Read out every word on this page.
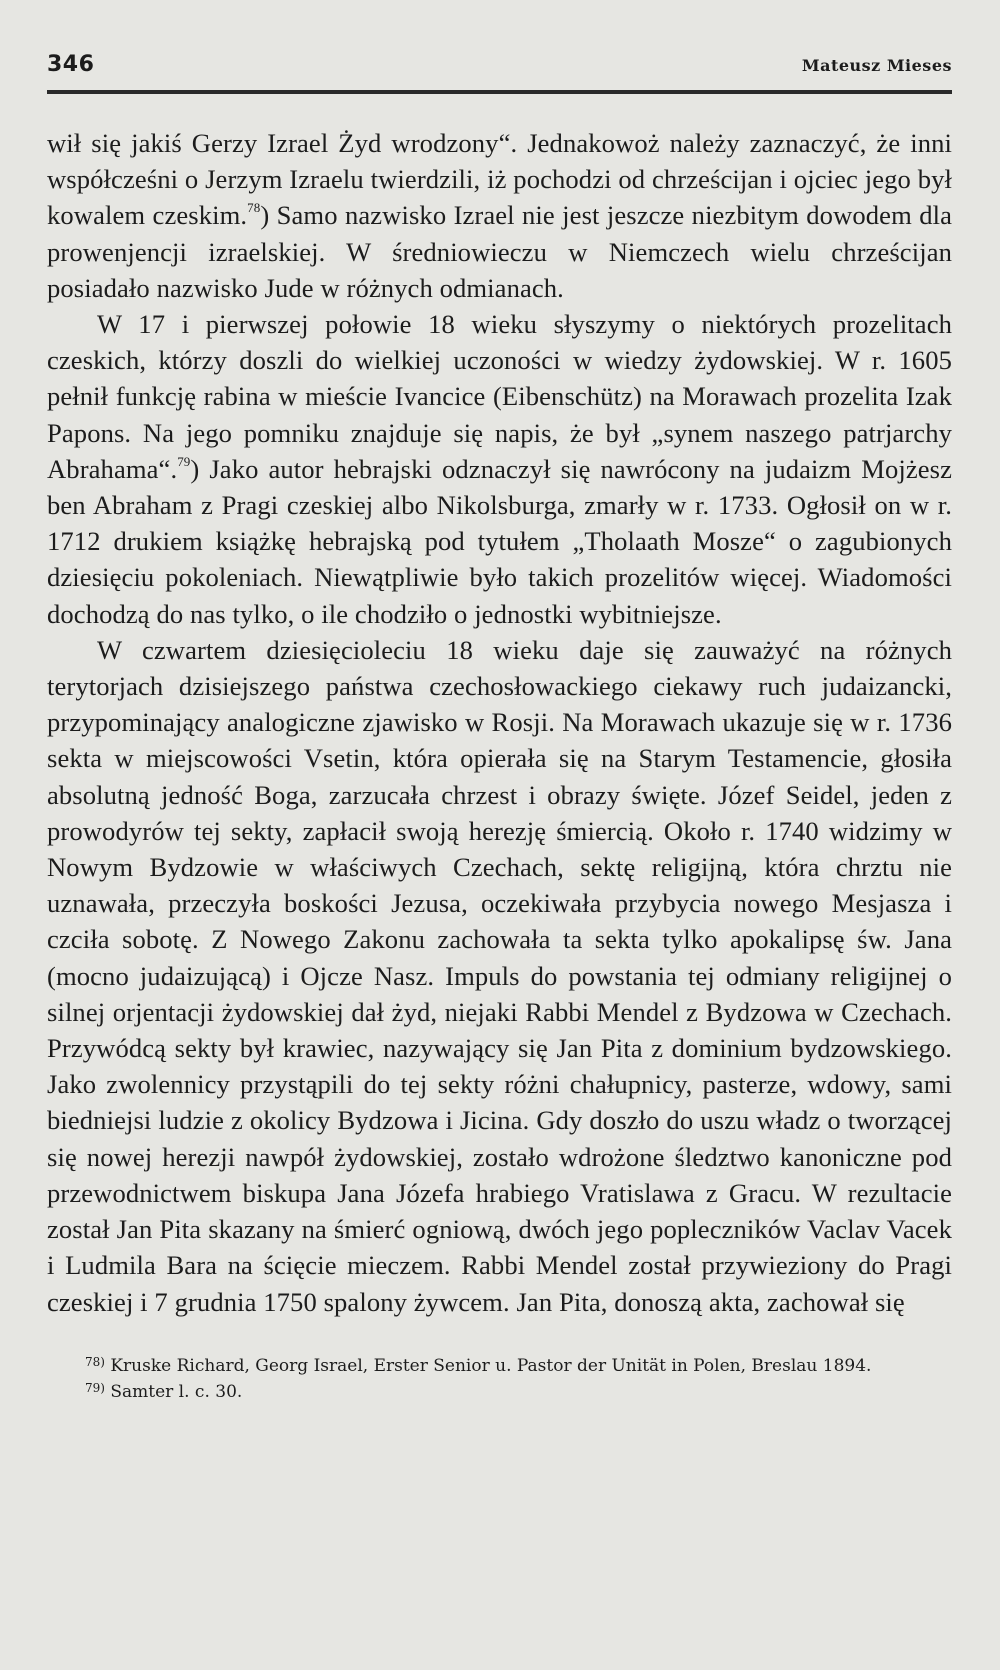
346	Mateusz Mieses

wił się jakiś Gerzy Izrael Żyd wrodzony“. Jednakowoż należy zaznaczyć, że inni współcześni o Jerzym Izraelu twierdzili, iż pochodzi od chrześcijan i ojciec jego był kowalem czeskim.$^{78}$) Samo nazwisko Izrael nie jest jeszcze niezbitym dowodem dla prowenjencji izraelskiej. W średniowieczu w Niemczech wielu chrześcijan posiadało nazwisko Jude w różnych odmianach.

W 17 i pierwszej połowie 18 wieku słyszymy o niektórych prozelitach czeskich, którzy doszli do wielkiej uczoności w wiedzy żydowskiej. W r. 1605 pełnił funkcję rabina w mieście Ivancice (Eibenschütz) na Morawach prozelita Izak Papons. Na jego pomniku znajduje się napis, że był „synem naszego patrjarchy Abrahama“.$^{79}$) Jako autor hebrajski odznaczył się nawrócony na judaizm Mojżesz ben Abraham z Pragi czeskiej albo Nikolsburga, zmarły w r. 1733. Ogłosił on w r. 1712 drukiem książkę hebrajską pod tytułem „Tholaath Mosze“ o zagubionych dziesięciu pokoleniach. Niewątpliwie było takich prozelitów więcej. Wiadomości dochodzą do nas tylko, o ile chodziło o jednostki wybitniejsze.

W czwartem dziesięcioleciu 18 wieku daje się zauważyć na różnych terytorjach dzisiejszego państwa czechosłowackiego ciekawy ruch judaizancki, przypominający analogiczne zjawisko w Rosji. Na Morawach ukazuje się w r. 1736 sekta w miejscowości Vsetin, która opierała się na Starym Testamencie, głosiła absolutną jedność Boga, zarzucała chrzest i obrazy święte. Józef Seidel, jeden z prowodyrów tej sekty, zapłacił swoją herezję śmiercią. Około r. 1740 widzimy w Nowym Bydzowie w właściwych Czechach, sektę religijną, która chrztu nie uznawała, przeczyła boskości Jezusa, oczekiwała przybycia nowego Mesjasza i czciła sobotę. Z Nowego Zakonu zachowała ta sekta tylko apokalipsę św. Jana (mocno judaizującą) i Ojcze Nasz. Impuls do powstania tej odmiany religijnej o silnej orjentacji żydowskiej dał żyd, niejaki Rabbi Mendel z Bydzowa w Czechach. Przywódcą sekty był krawiec, nazywający się Jan Pita z dominium bydzowskiego. Jako zwolennicy przystąpili do tej sekty różni chałupnicy, pasterze, wdowy, sami biedniejsi ludzie z okolicy Bydzowa i Jicina. Gdy doszło do uszu władz o tworzącej się nowej herezji nawpół żydowskiej, zostało wdrożone śledztwo kanoniczne pod przewodnictwem biskupa Jana Józefa hrabiego Vratislawa z Gracu. W rezultacie został Jan Pita skazany na śmierć ogniową, dwóch jego popleczników Vaclav Vacek i Ludmila Bara na ścięcie mieczem. Rabbi Mendel został przywieziony do Pragi czeskiej i 7 grudnia 1750 spalony żywcem. Jan Pita, donoszą akta, zachował się

$^{78)}$ Kruske Richard, Georg Israel, Erster Senior u. Pastor der Unität in Polen, Breslau 1894.

$^{79)}$ Samter l. c. 30.
